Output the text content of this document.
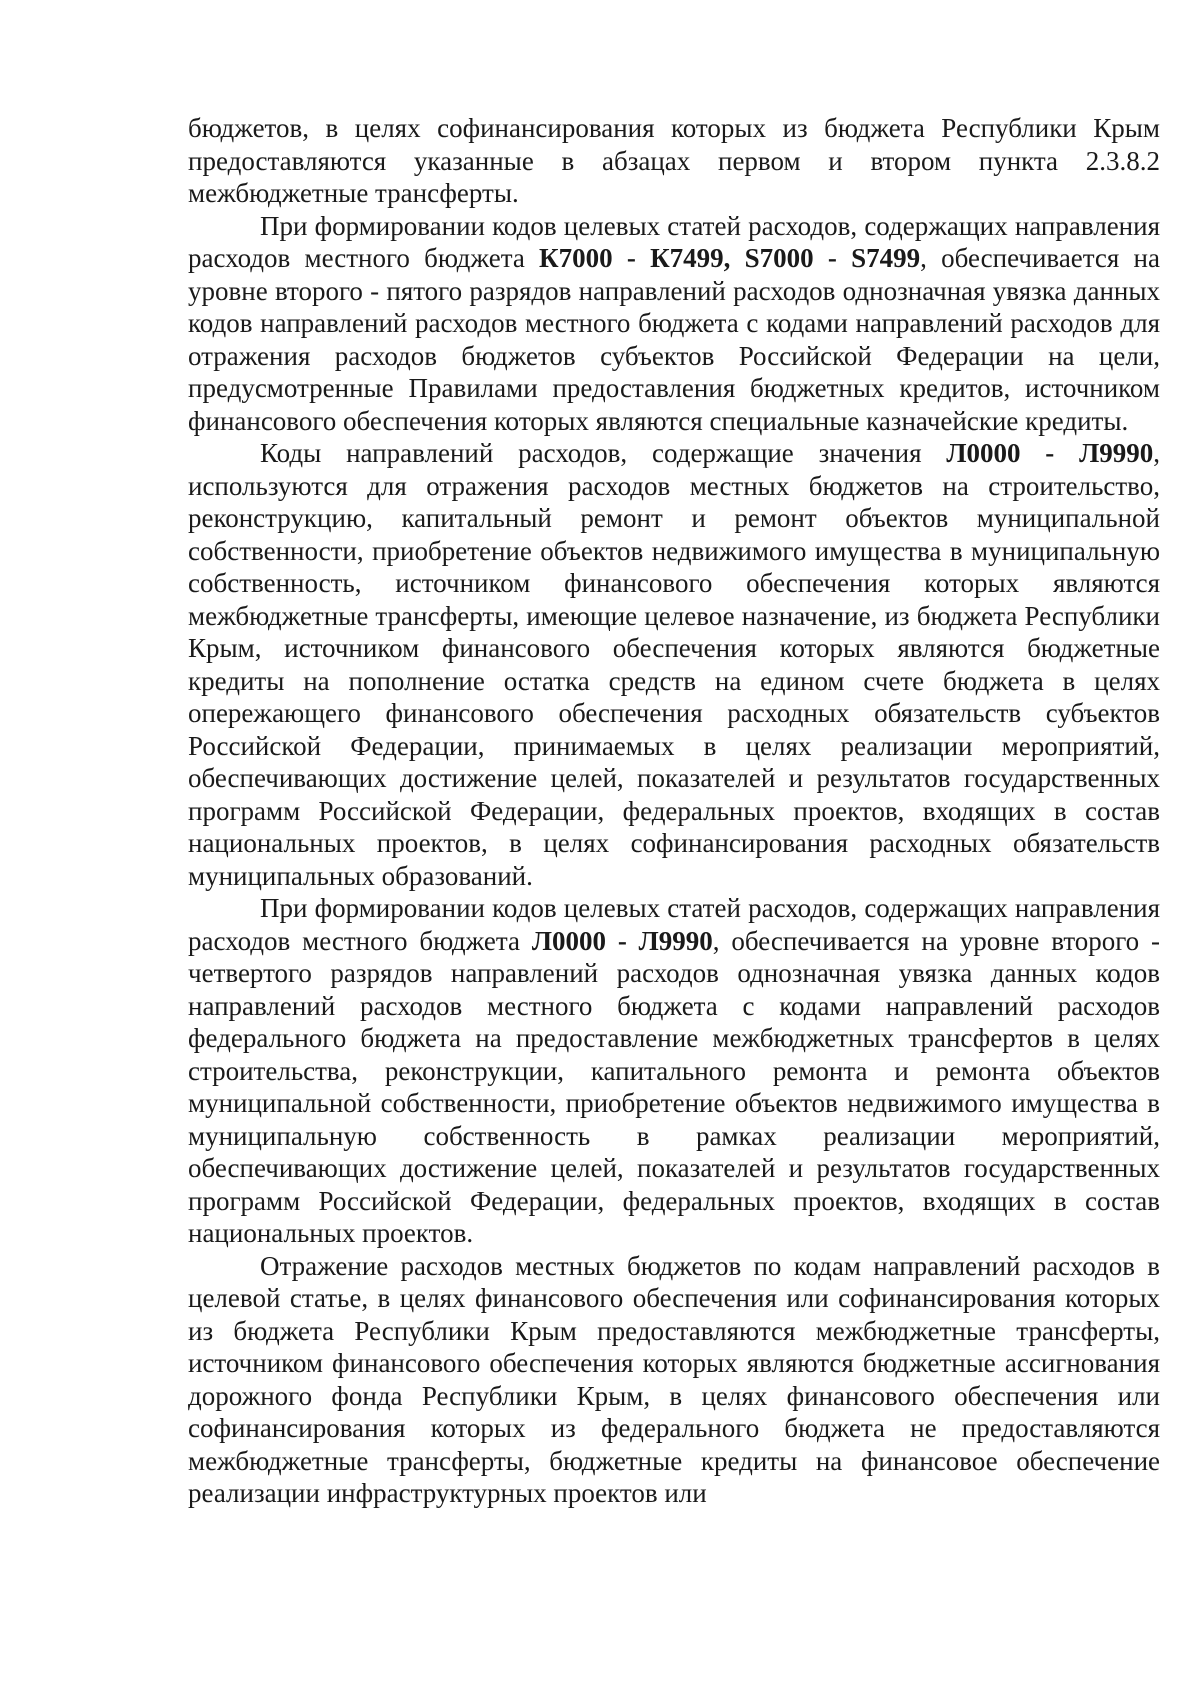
бюджетов, в целях софинансирования которых из бюджета Республики Крым предоставляются указанные в абзацах первом и втором пункта 2.3.8.2 межбюджетные трансферты.

При формировании кодов целевых статей расходов, содержащих направления расходов местного бюджета К7000 - К7499, S7000 - S7499, обеспечивается на уровне второго - пятого разрядов направлений расходов однозначная увязка данных кодов направлений расходов местного бюджета с кодами направлений расходов для отражения расходов бюджетов субъектов Российской Федерации на цели, предусмотренные Правилами предоставления бюджетных кредитов, источником финансового обеспечения которых являются специальные казначейские кредиты.

Коды направлений расходов, содержащие значения Л0000 - Л9990, используются для отражения расходов местных бюджетов на строительство, реконструкцию, капитальный ремонт и ремонт объектов муниципальной собственности, приобретение объектов недвижимого имущества в муниципальную собственность, источником финансового обеспечения которых являются межбюджетные трансферты, имеющие целевое назначение, из бюджета Республики Крым, источником финансового обеспечения которых являются бюджетные кредиты на пополнение остатка средств на едином счете бюджета в целях опережающего финансового обеспечения расходных обязательств субъектов Российской Федерации, принимаемых в целях реализации мероприятий, обеспечивающих достижение целей, показателей и результатов государственных программ Российской Федерации, федеральных проектов, входящих в состав национальных проектов, в целях софинансирования расходных обязательств муниципальных образований.

При формировании кодов целевых статей расходов, содержащих направления расходов местного бюджета Л0000 - Л9990, обеспечивается на уровне второго - четвертого разрядов направлений расходов однозначная увязка данных кодов направлений расходов местного бюджета с кодами направлений расходов федерального бюджета на предоставление межбюджетных трансфертов в целях строительства, реконструкции, капитального ремонта и ремонта объектов муниципальной собственности, приобретение объектов недвижимого имущества в муниципальную собственность в рамках реализации мероприятий, обеспечивающих достижение целей, показателей и результатов государственных программ Российской Федерации, федеральных проектов, входящих в состав национальных проектов.

Отражение расходов местных бюджетов по кодам направлений расходов в целевой статье, в целях финансового обеспечения или софинансирования которых из бюджета Республики Крым предоставляются межбюджетные трансферты, источником финансового обеспечения которых являются бюджетные ассигнования дорожного фонда Республики Крым, в целях финансового обеспечения или софинансирования которых из федерального бюджета не предоставляются межбюджетные трансферты, бюджетные кредиты на финансовое обеспечение реализации инфраструктурных проектов или
